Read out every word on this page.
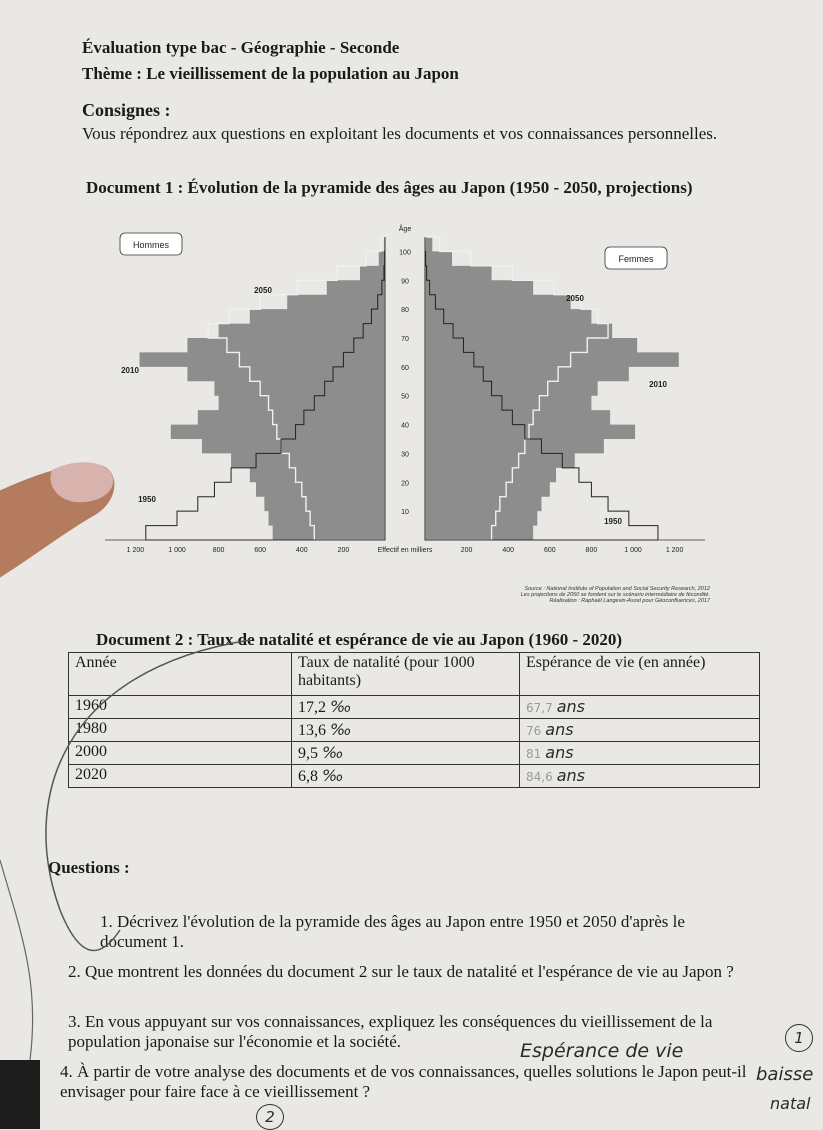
Évaluation type bac - Géographie - Seconde
Thème : Le vieillissement de la population au Japon
Consignes :
Vous répondrez aux questions en exploitant les documents et vos connaissances personnelles.
Document 1 : Évolution de la pyramide des âges au Japon (1950 - 2050, projections)
10
20
30
40
50
60
70
80
90
100
Âge
1 200	1 000	800	600	400	200	200	400	600	800	1 000	1 200
Effectif en milliers
Hommes
Femmes
2050
2010
1950
2050
2010
1950
Source : National Institute of Population and Social Security Research, 2012
Les projections de 2050 se fondent sur le scénario intermédiaire de fécondité.
Réalisation : Raphaël Langevin-Aszel pour Géoconfluences, 2017
Document 2 : Taux de natalité et espérance de vie au Japon (1960 - 2020)
Année	Taux de natalité (pour 1000 habitants)	Espérance de vie (en année)
1960	17,2 ‰	67,7 ans
1980	13,6 ‰	76 ans
2000	9,5 ‰	81 ans
2020	6,8 ‰	84,6 ans
Questions :
1. Décrivez l'évolution de la pyramide des âges au Japon entre 1950 et 2050 d'après le document 1.
2. Que montrent les données du document 2 sur le taux de natalité et l'espérance de vie au Japon ?
3. En vous appuyant sur vos connaissances, expliquez les conséquences du vieillissement de la population japonaise sur l'économie et la société.
4. À partir de votre analyse des documents et de vos connaissances, quelles solutions le Japon peut-il envisager pour faire face à ce vieillissement ?
Espérance de vie
baisse
natal
1
2
